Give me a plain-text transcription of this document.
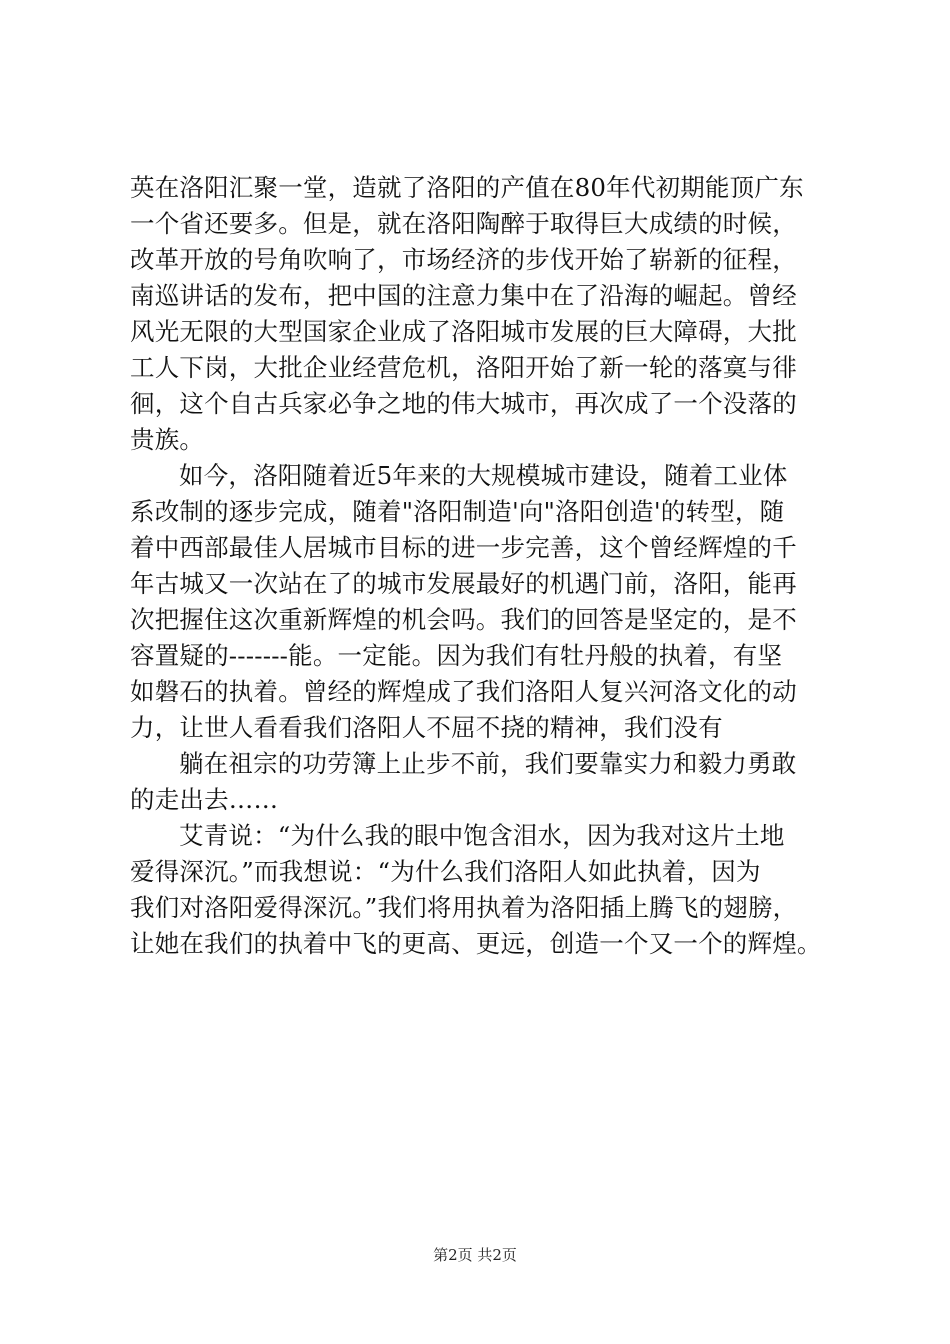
英在洛阳汇聚一堂，造就了洛阳的产值在80年代初期能顶广东
一个省还要多。但是，就在洛阳陶醉于取得巨大成绩的时候，
改革开放的号角吹响了，市场经济的步伐开始了崭新的征程，
南巡讲话的发布，把中国的注意力集中在了沿海的崛起。曾经
风光无限的大型国家企业成了洛阳城市发展的巨大障碍，大批
工人下岗，大批企业经营危机，洛阳开始了新一轮的落寞与徘
徊，这个自古兵家必争之地的伟大城市，再次成了一个没落的
贵族。
如今，洛阳随着近5年来的大规模城市建设，随着工业体
系改制的逐步完成，随着"洛阳制造'向"洛阳创造'的转型，随
着中西部最佳人居城市目标的进一步完善，这个曾经辉煌的千
年古城又一次站在了的城市发展最好的机遇门前，洛阳，能再
次把握住这次重新辉煌的机会吗。我们的回答是坚定的，是不
容置疑的-------能。一定能。因为我们有牡丹般的执着，有坚
如磐石的执着。曾经的辉煌成了我们洛阳人复兴河洛文化的动
力，让世人看看我们洛阳人不屈不挠的精神，我们没有
躺在祖宗的功劳簿上止步不前，我们要靠实力和毅力勇敢
的走出去……
艾青说：“为什么我的眼中饱含泪水，因为我对这片土地
爱得深沉。”而我想说：“为什么我们洛阳人如此执着，因为
我们对洛阳爱得深沉。”我们将用执着为洛阳插上腾飞的翅膀，
让她在我们的执着中飞的更高、更远，创造一个又一个的辉煌。
第2页 共2页
